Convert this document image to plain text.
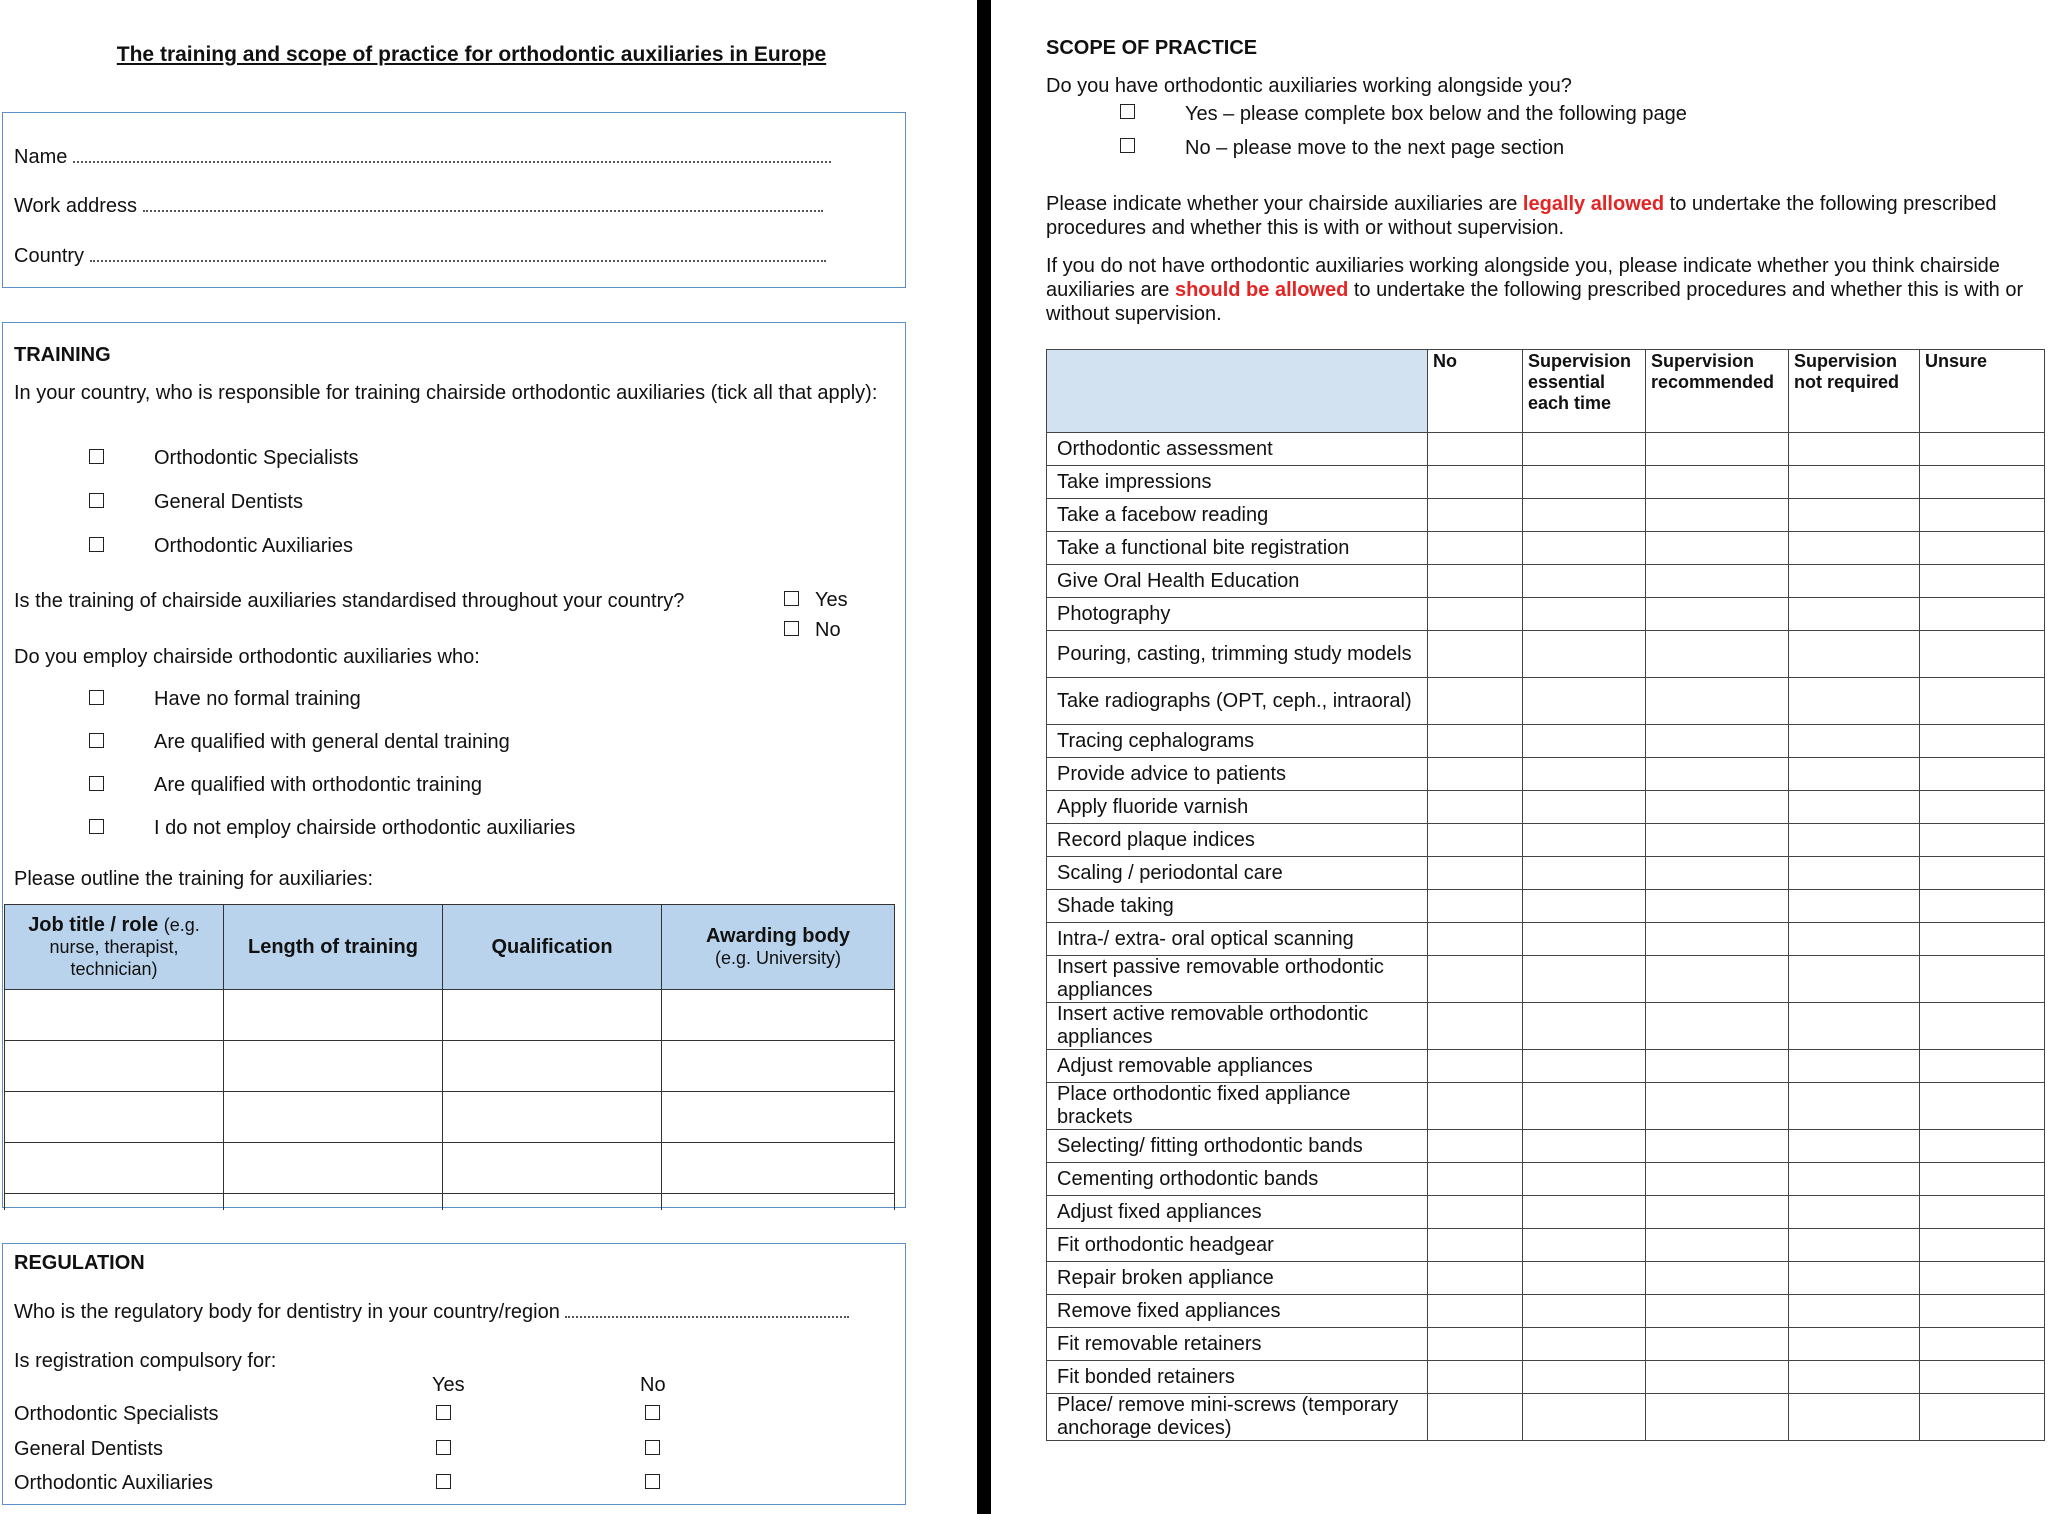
The training and scope of practice for orthodontic auxiliaries in Europe
Name
Work address
Country
TRAINING
In your country, who is responsible for training chairside orthodontic auxiliaries (tick all that apply):
Orthodontic Specialists
General Dentists
Orthodontic Auxiliaries
Is the training of chairside auxiliaries standardised throughout your country?	Yes
No
Do you employ chairside orthodontic auxiliaries who:
Have no formal training
Are qualified with general dental training
Are qualified with orthodontic training
I do not employ chairside orthodontic auxiliaries
Please outline the training for auxiliaries:
Job title / role (e.g. nurse, therapist, technician)	Length of training	Qualification	Awarding body
(e.g. University)

REGULATION
Who is the regulatory body for dentistry in your country/region
Is registration compulsory for:
Yes	No
Orthodontic Specialists
General Dentists
Orthodontic Auxiliaries
SCOPE OF PRACTICE
Do you have orthodontic auxiliaries working alongside you?
Yes – please complete box below and the following page
No – please move to the next page section
Please indicate whether your chairside auxiliaries are legally allowed to undertake the following prescribed procedures and whether this is with or without supervision.
If you do not have orthodontic auxiliaries working alongside you, please indicate whether you think chairside auxiliaries are should be allowed to undertake the following prescribed procedures and whether this is with or without supervision.
	No	Supervision essential each time	Supervision recommended	Supervision not required	Unsure
Orthodontic assessment					
Take impressions					
Take a facebow reading					
Take a functional bite registration					
Give Oral Health Education					
Photography					
Pouring, casting, trimming study models					
Take radiographs (OPT, ceph., intraoral)					
Tracing cephalograms					
Provide advice to patients					
Apply fluoride varnish					
Record plaque indices					
Scaling / periodontal care					
Shade taking					
Intra-/ extra- oral optical scanning					
Insert passive removable orthodontic appliances					
Insert active removable orthodontic appliances					
Adjust removable appliances					
Place orthodontic fixed appliance brackets					
Selecting/ fitting orthodontic bands					
Cementing orthodontic bands					
Adjust fixed appliances					
Fit orthodontic headgear					
Repair broken appliance					
Remove fixed appliances					
Fit removable retainers					
Fit bonded retainers					
Place/ remove mini-screws (temporary anchorage devices)					
